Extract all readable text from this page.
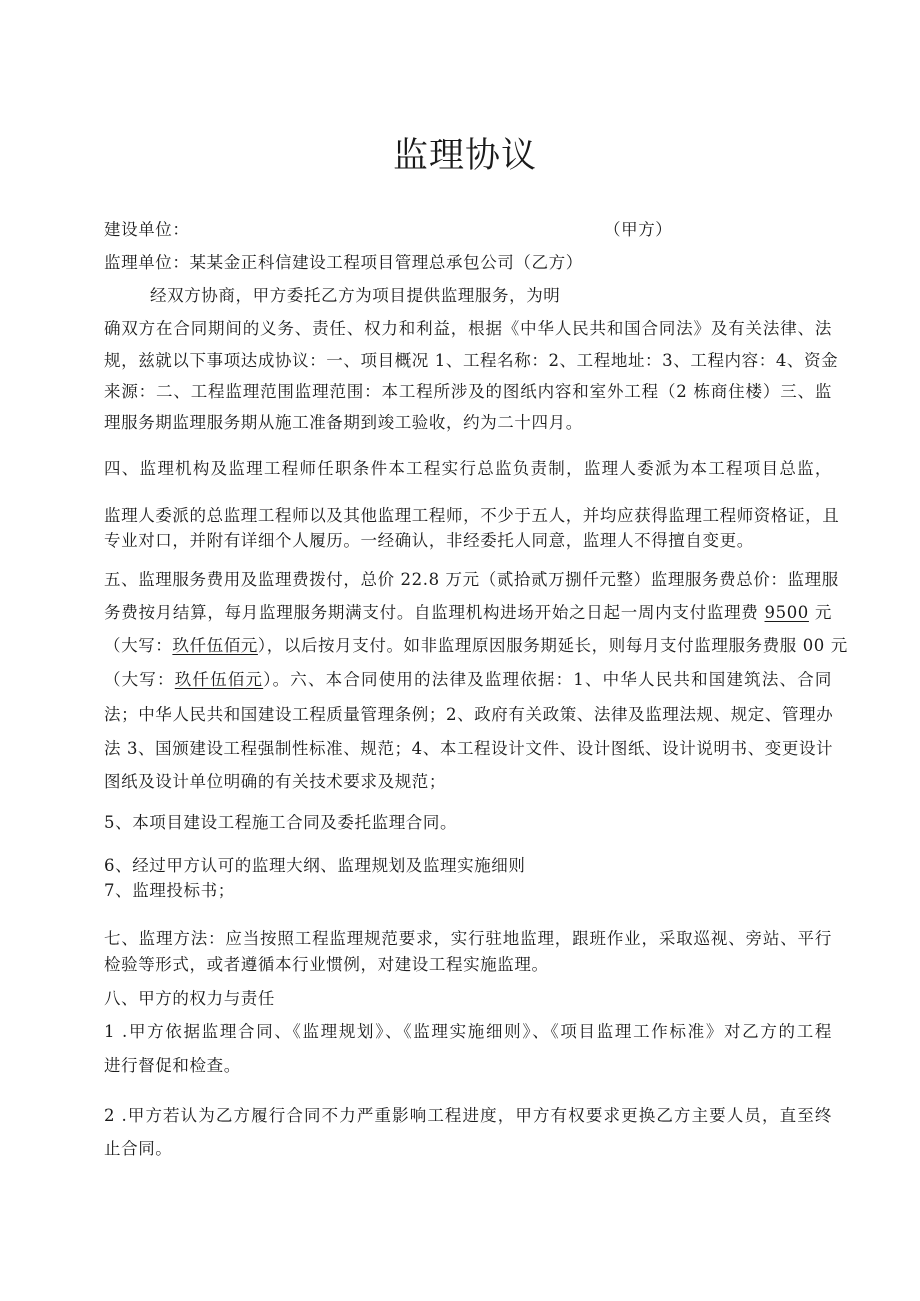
监理协议
建设单位：	（甲方）
监理单位：某某金正科信建设工程项目管理总承包公司（乙方）
经双方协商，甲方委托乙方为项目提供监理服务，为明
确双方在合同期间的义务、责任、权力和利益，根据《中华人民共和国合同法》及有关法律、法
规，兹就以下事项达成协议：一、项目概况 1、工程名称：2、工程地址：3、工程内容：4、资金
来源：二、工程监理范围监理范围：本工程所涉及的图纸内容和室外工程（2 栋商住楼）三、监
理服务期监理服务期从施工准备期到竣工验收，约为二十四月。
四、监理机构及监理工程师任职条件本工程实行总监负责制，监理人委派为本工程项目总监，
监理人委派的总监理工程师以及其他监理工程师，不少于五人，并均应获得监理工程师资格证，且
专业对口，并附有详细个人履历。一经确认，非经委托人同意，监理人不得擅自变更。
五、监理服务费用及监理费拨付，总价 22.8 万元（贰拾贰万捌仟元整）监理服务费总价：监理服
务费按月结算，每月监理服务期满支付。自监理机构进场开始之日起一周内支付监理费 9500 元
（大写：玖仟伍佰元），以后按月支付。如非监理原因服务期延长，则每月支付监理服务费服 00 元
（大写：玖仟伍佰元）。六、本合同使用的法律及监理依据：1、中华人民共和国建筑法、合同
法；中华人民共和国建设工程质量管理条例；2、政府有关政策、法律及监理法规、规定、管理办
法 3、国颁建设工程强制性标准、规范；4、本工程设计文件、设计图纸、设计说明书、变更设计
图纸及设计单位明确的有关技术要求及规范；
5、本项目建设工程施工合同及委托监理合同。
6、经过甲方认可的监理大纲、监理规划及监理实施细则
7、监理投标书；
七、监理方法：应当按照工程监理规范要求，实行驻地监理，跟班作业，采取巡视、旁站、平行
检验等形式，或者遵循本行业惯例，对建设工程实施监理。
八、甲方的权力与责任
1 .甲方依据监理合同、《监理规划》、《监理实施细则》、《项目监理工作标准》对乙方的工程
进行督促和检查。
2 .甲方若认为乙方履行合同不力严重影响工程进度，甲方有权要求更换乙方主要人员，直至终
止合同。
